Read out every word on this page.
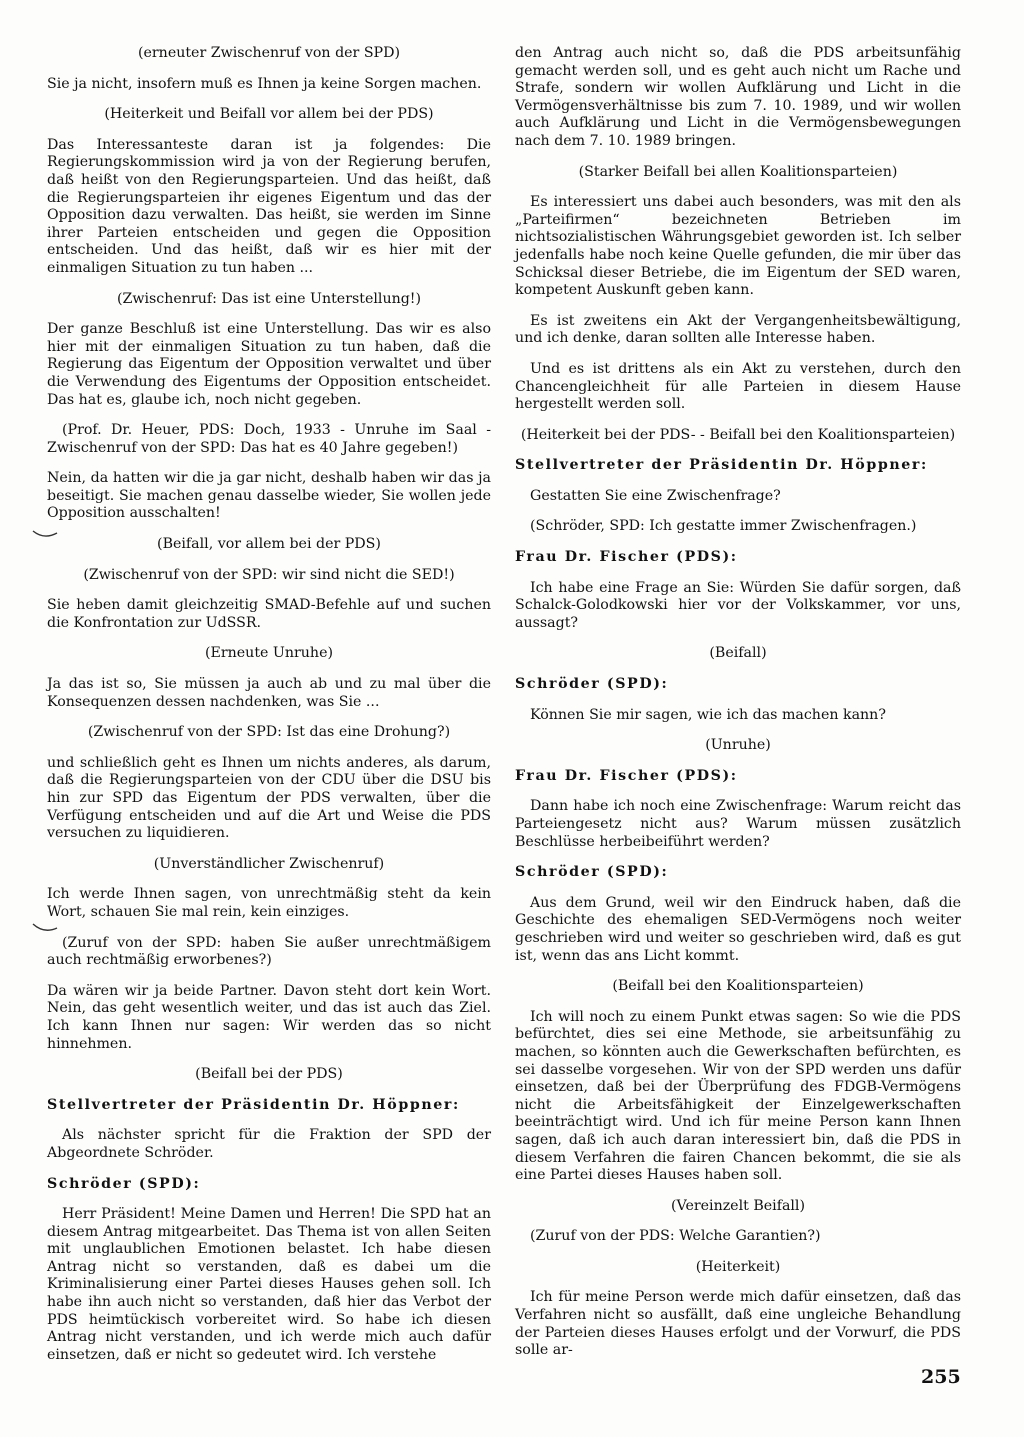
(erneuter Zwischenruf von der SPD)

Sie ja nicht, insofern muß es Ihnen ja keine Sorgen machen.

(Heiterkeit und Beifall vor allem bei der PDS)

Das Interessanteste daran ist ja folgendes: Die Regierungskommission wird ja von der Regierung berufen, daß heißt von den Regierungsparteien. Und das heißt, daß die Regierungsparteien ihr eigenes Eigentum und das der Opposition dazu verwalten. Das heißt, sie werden im Sinne ihrer Parteien entscheiden und gegen die Opposition entscheiden. Und das heißt, daß wir es hier mit der einmaligen Situation zu tun haben ...

(Zwischenruf: Das ist eine Unterstellung!)

Der ganze Beschluß ist eine Unterstellung. Das wir es also hier mit der einmaligen Situation zu tun haben, daß die Regierung das Eigentum der Opposition verwaltet und über die Verwendung des Eigentums der Opposition entscheidet. Das hat es, glaube ich, noch nicht gegeben.

(Prof. Dr. Heuer, PDS: Doch, 1933 - Unruhe im Saal - Zwischenruf von der SPD: Das hat es 40 Jahre gegeben!)

Nein, da hatten wir die ja gar nicht, deshalb haben wir das ja beseitigt. Sie machen genau dasselbe wieder, Sie wollen jede Opposition ausschalten!

(Beifall, vor allem bei der PDS)

(Zwischenruf von der SPD: wir sind nicht die SED!)

Sie heben damit gleichzeitig SMAD-Befehle auf und suchen die Konfrontation zur UdSSR.

(Erneute Unruhe)

Ja das ist so, Sie müssen ja auch ab und zu mal über die Konsequenzen dessen nachdenken, was Sie ...

(Zwischenruf von der SPD: Ist das eine Drohung?)

und schließlich geht es Ihnen um nichts anderes, als darum, daß die Regierungsparteien von der CDU über die DSU bis hin zur SPD das Eigentum der PDS verwalten, über die Verfügung entscheiden und auf die Art und Weise die PDS versuchen zu liquidieren.

(Unverständlicher Zwischenruf)

Ich werde Ihnen sagen, von unrechtmäßig steht da kein Wort, schauen Sie mal rein, kein einziges.

(Zuruf von der SPD: haben Sie außer unrechtmäßigem auch rechtmäßig erworbenes?)

Da wären wir ja beide Partner. Davon steht dort kein Wort. Nein, das geht wesentlich weiter, und das ist auch das Ziel. Ich kann Ihnen nur sagen: Wir werden das so nicht hinnehmen.

(Beifall bei der PDS)

Stellvertreter der Präsidentin Dr. Höppner:

Als nächster spricht für die Fraktion der SPD der Abgeordnete Schröder.

Schröder (SPD):

Herr Präsident! Meine Damen und Herren! Die SPD hat an diesem Antrag mitgearbeitet. Das Thema ist von allen Seiten mit unglaublichen Emotionen belastet. Ich habe diesen Antrag nicht so verstanden, daß es dabei um die Kriminalisierung einer Partei dieses Hauses gehen soll. Ich habe ihn auch nicht so verstanden, daß hier das Verbot der PDS heimtückisch vorbereitet wird. So habe ich diesen Antrag nicht verstanden, und ich werde mich auch dafür einsetzen, daß er nicht so gedeutet wird. Ich verstehe

den Antrag auch nicht so, daß die PDS arbeitsunfähig gemacht werden soll, und es geht auch nicht um Rache und Strafe, sondern wir wollen Aufklärung und Licht in die Vermögensverhältnisse bis zum 7. 10. 1989, und wir wollen auch Aufklärung und Licht in die Vermögensbewegungen nach dem 7. 10. 1989 bringen.

(Starker Beifall bei allen Koalitionsparteien)

Es interessiert uns dabei auch besonders, was mit den als „Parteifirmen“ bezeichneten Betrieben im nichtsozialistischen Währungsgebiet geworden ist. Ich selber jedenfalls habe noch keine Quelle gefunden, die mir über das Schicksal dieser Betriebe, die im Eigentum der SED waren, kompetent Auskunft geben kann.

Es ist zweitens ein Akt der Vergangenheitsbewältigung, und ich denke, daran sollten alle Interesse haben.

Und es ist drittens als ein Akt zu verstehen, durch den Chancengleichheit für alle Parteien in diesem Hause hergestellt werden soll.

(Heiterkeit bei der PDS- - Beifall bei den Koalitionsparteien)

Stellvertreter der Präsidentin Dr. Höppner:

Gestatten Sie eine Zwischenfrage?

(Schröder, SPD: Ich gestatte immer Zwischenfragen.)

Frau Dr. Fischer (PDS):

Ich habe eine Frage an Sie: Würden Sie dafür sorgen, daß Schalck-Golodkowski hier vor der Volkskammer, vor uns, aussagt?

(Beifall)

Schröder (SPD):

Können Sie mir sagen, wie ich das machen kann?

(Unruhe)

Frau Dr. Fischer (PDS):

Dann habe ich noch eine Zwischenfrage: Warum reicht das Parteiengesetz nicht aus? Warum müssen zusätzlich Beschlüsse herbeibeiführt werden?

Schröder (SPD):

Aus dem Grund, weil wir den Eindruck haben, daß die Geschichte des ehemaligen SED-Vermögens noch weiter geschrieben wird und weiter so geschrieben wird, daß es gut ist, wenn das ans Licht kommt.

(Beifall bei den Koalitionsparteien)

Ich will noch zu einem Punkt etwas sagen: So wie die PDS befürchtet, dies sei eine Methode, sie arbeitsunfähig zu machen, so könnten auch die Gewerkschaften befürchten, es sei dasselbe vorgesehen. Wir von der SPD werden uns dafür einsetzen, daß bei der Überprüfung des FDGB-Vermögens nicht die Arbeitsfähigkeit der Einzelgewerkschaften beeinträchtigt wird. Und ich für meine Person kann Ihnen sagen, daß ich auch daran interessiert bin, daß die PDS in diesem Verfahren die fairen Chancen bekommt, die sie als eine Partei dieses Hauses haben soll.

(Vereinzelt Beifall)

(Zuruf von der PDS: Welche Garantien?)

(Heiterkeit)

Ich für meine Person werde mich dafür einsetzen, daß das Verfahren nicht so ausfällt, daß eine ungleiche Behandlung der Parteien dieses Hauses erfolgt und der Vorwurf, die PDS solle ar-

255
